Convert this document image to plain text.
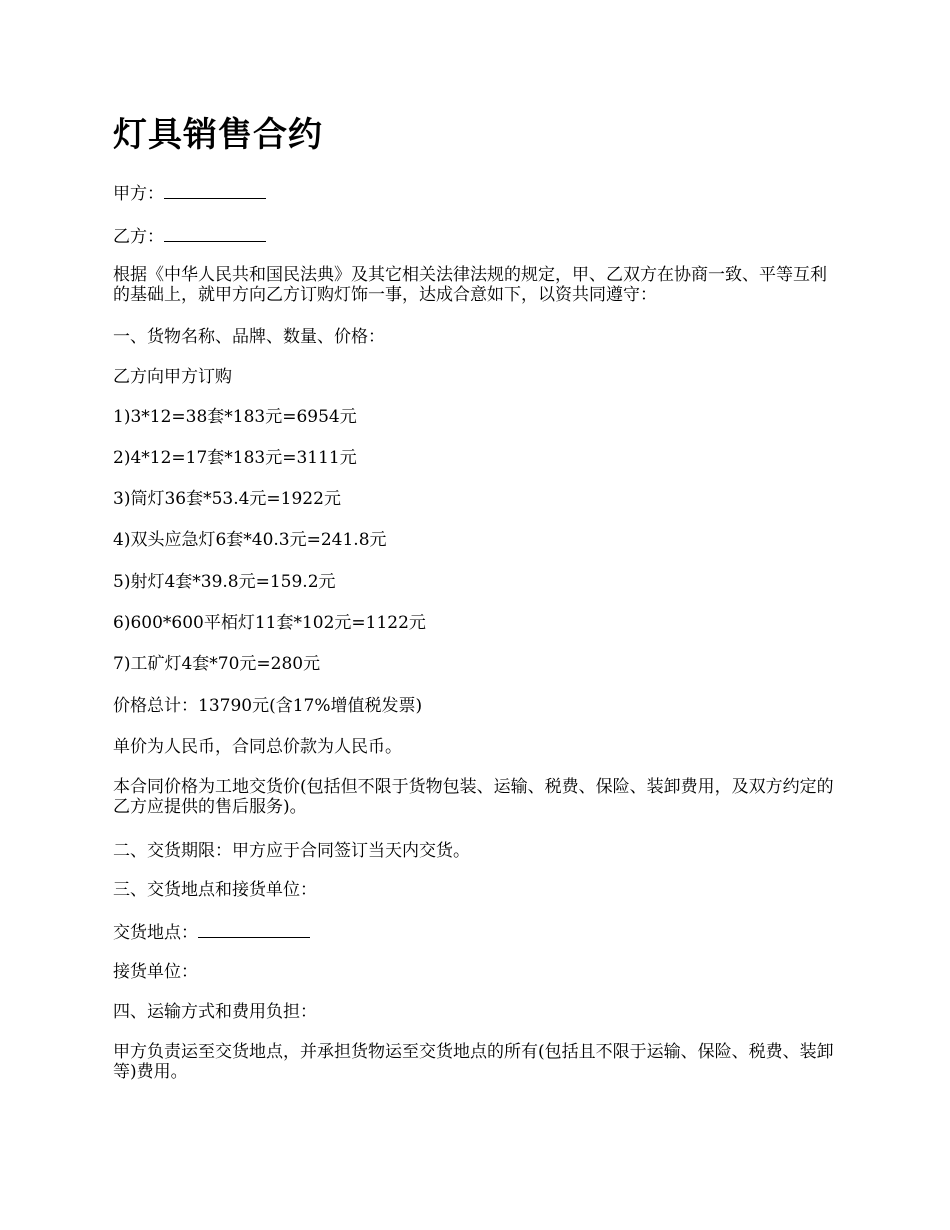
灯具销售合约
甲方：
乙方：
根据《中华人民共和国民法典》及其它相关法律法规的规定，甲、乙双方在协商一致、平等互利的基础上，就甲方向乙方订购灯饰一事，达成合意如下，以资共同遵守：
一、货物名称、品牌、数量、价格：
乙方向甲方订购
1)3*12=38套*183元=6954元
2)4*12=17套*183元=3111元
3)筒灯36套*53.4元=1922元
4)双头应急灯6套*40.3元=241.8元
5)射灯4套*39.8元=159.2元
6)600*600平栢灯11套*102元=1122元
7)工矿灯4套*70元=280元
价格总计：13790元(含17%增值税发票)
单价为人民币，合同总价款为人民币。
本合同价格为工地交货价(包括但不限于货物包装、运输、税费、保险、装卸费用，及双方约定的乙方应提供的售后服务)。
二、交货期限：甲方应于合同签订当天内交货。
三、交货地点和接货单位：
交货地点：
接货单位：
四、运输方式和费用负担：
甲方负责运至交货地点，并承担货物运至交货地点的所有(包括且不限于运输、保险、税费、装卸等)费用。
